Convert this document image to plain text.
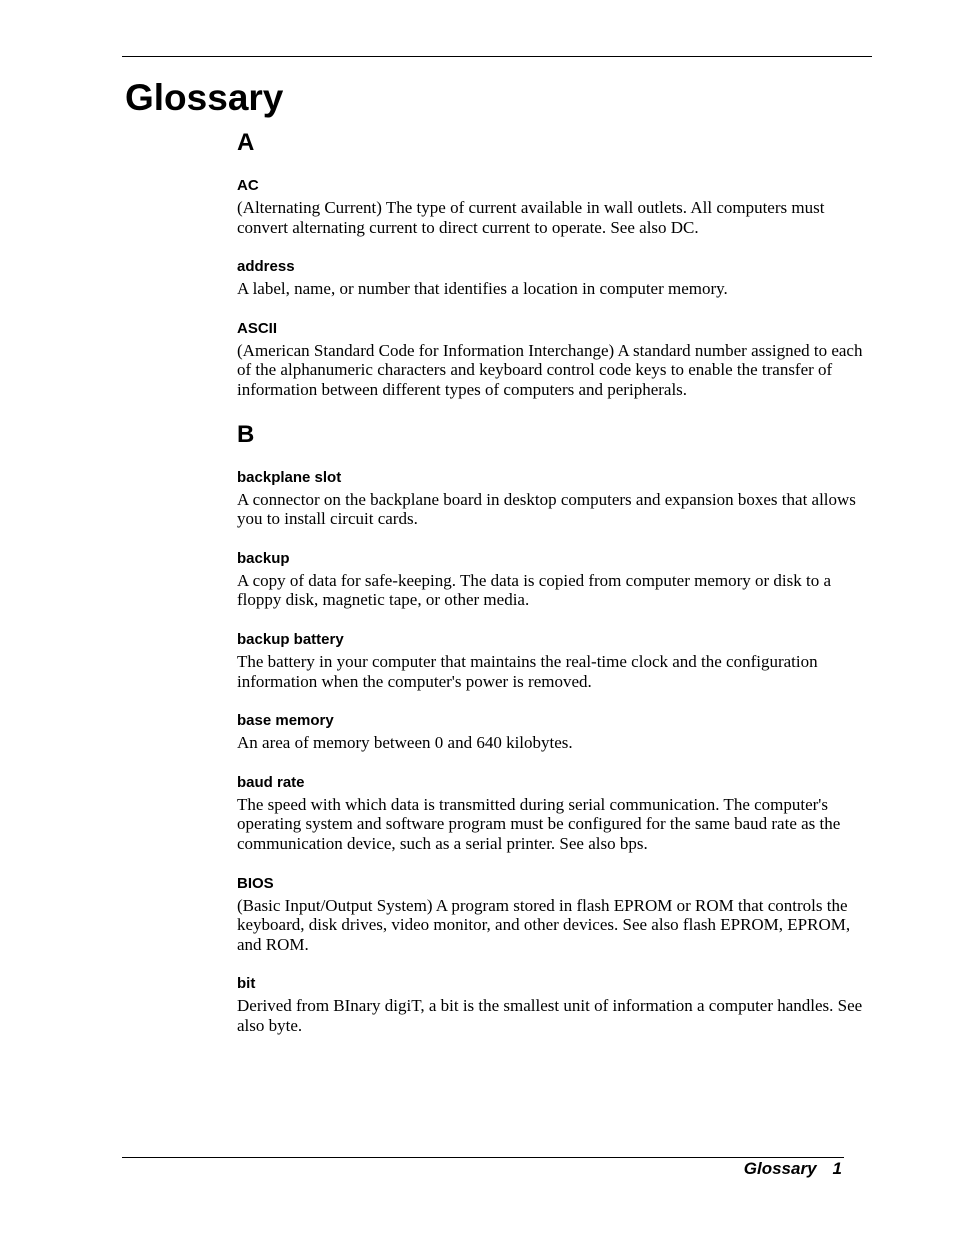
Glossary
A
AC

(Alternating Current) The type of current available in wall outlets. All computers must convert alternating current to direct current to operate. See also DC.

address

A label, name, or number that identifies a location in computer memory.

ASCII

(American Standard Code for Information Interchange) A standard number assigned to each of the alphanumeric characters and keyboard control code keys to enable the transfer of information between different types of computers and peripherals.

B
backplane slot

A connector on the backplane board in desktop computers and expansion boxes that allows you to install circuit cards.

backup

A copy of data for safe-keeping. The data is copied from computer memory or disk to a floppy disk, magnetic tape, or other media.

backup battery

The battery in your computer that maintains the real-time clock and the configuration information when the computer's power is removed.

base memory

An area of memory between 0 and 640 kilobytes.

baud rate

The speed with which data is transmitted during serial communication. The computer's operating system and software program must be configured for the same baud rate as the communication device, such as a serial printer. See also bps.

BIOS

(Basic Input/Output System) A program stored in flash EPROM or ROM that controls the keyboard, disk drives, video monitor, and other devices. See also flash EPROM, EPROM, and ROM.

bit

Derived from BInary digiT, a bit is the smallest unit of information a computer handles. See also byte.

Glossary 1
